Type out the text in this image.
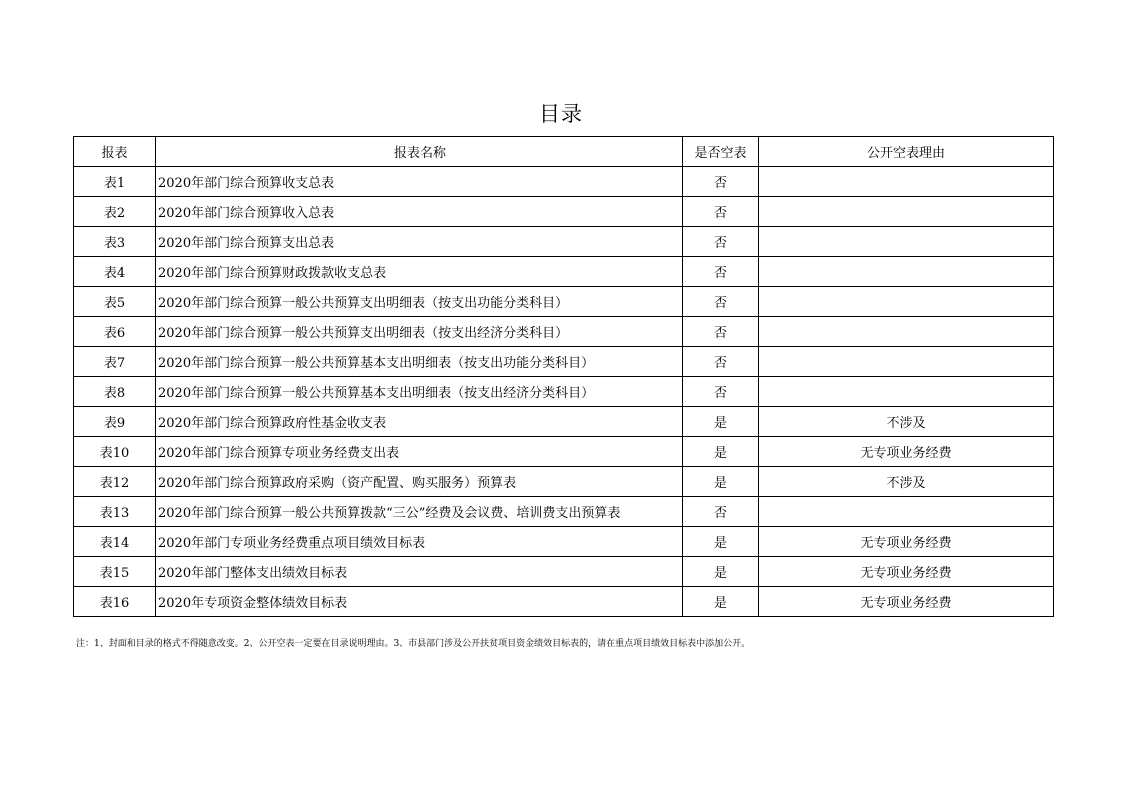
目录
报表	报表名称	是否空表	公开空表理由
表1	2020年部门综合预算收支总表	否	
表2	2020年部门综合预算收入总表	否	
表3	2020年部门综合预算支出总表	否	
表4	2020年部门综合预算财政拨款收支总表	否	
表5	2020年部门综合预算一般公共预算支出明细表（按支出功能分类科目）	否	
表6	2020年部门综合预算一般公共预算支出明细表（按支出经济分类科目）	否	
表7	2020年部门综合预算一般公共预算基本支出明细表（按支出功能分类科目）	否	
表8	2020年部门综合预算一般公共预算基本支出明细表（按支出经济分类科目）	否	
表9	2020年部门综合预算政府性基金收支表	是	不涉及
表10	2020年部门综合预算专项业务经费支出表	是	无专项业务经费
表12	2020年部门综合预算政府采购（资产配置、购买服务）预算表	是	不涉及
表13	2020年部门综合预算一般公共预算拨款“三公”经费及会议费、培训费支出预算表	否	
表14	2020年部门专项业务经费重点项目绩效目标表	是	无专项业务经费
表15	2020年部门整体支出绩效目标表	是	无专项业务经费
表16	2020年专项资金整体绩效目标表	是	无专项业务经费
注：1、封面和目录的格式不得随意改变。2、公开空表一定要在目录说明理由。3、市县部门涉及公开扶贫项目资金绩效目标表的，请在重点项目绩效目标表中添加公开。
